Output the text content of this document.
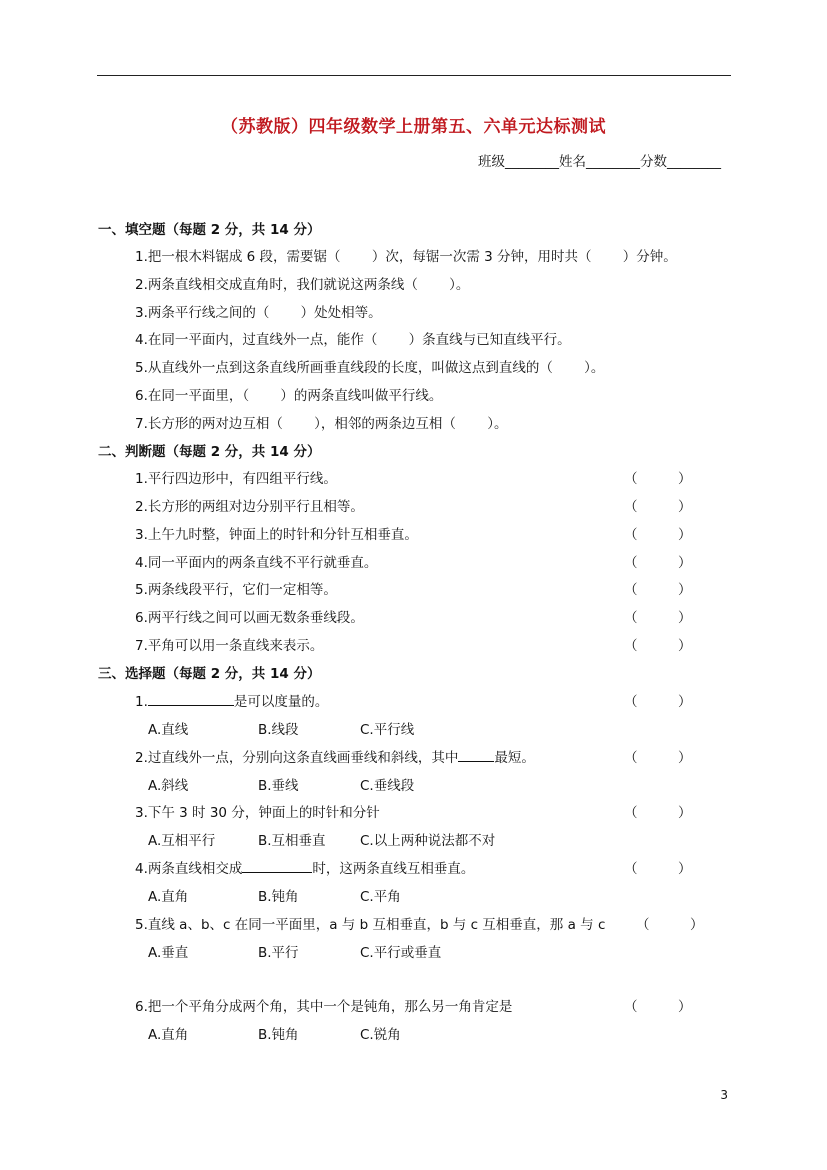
（苏教版）四年级数学上册第五、六单元达标测试
班级________姓名________分数________
一、填空题（每题 2 分，共 14 分）
1.把一根木料锯成 6 段，需要锯（　　 ）次，每锯一次需 3 分钟，用时共（　　 ）分钟。
2.两条直线相交成直角时，我们就说这两条线（　　 ）。
3.两条平行线之间的（　　 ）处处相等。
4.在同一平面内，过直线外一点，能作（　　 ）条直线与已知直线平行。
5.从直线外一点到这条直线所画垂直线段的长度，叫做这点到直线的（　　 ）。
6.在同一平面里，（　　 ）的两条直线叫做平行线。
7.长方形的两对边互相（　　 ），相邻的两条边互相（　　 ）。
二、判断题（每题 2 分，共 14 分）
1.平行四边形中，有四组平行线。	（　　　）
2.长方形的两组对边分别平行且相等。	（　　　）
3.上午九时整，钟面上的时针和分针互相垂直。	（　　　）
4.同一平面内的两条直线不平行就垂直。	（　　　）
5.两条线段平行，它们一定相等。	（　　　）
6.两平行线之间可以画无数条垂线段。	（　　　）
7.平角可以用一条直线来表示。	（　　　）
三、选择题（每题 2 分，共 14 分）
1.	是可以度量的。	（　　　）

A.直线

	B.线段

	C.平行线

2.过直线外一点，分别向这条直线画垂线和斜线，其中	最短。	（　　　）

A.斜线

	B.垂线

	C.垂线段

3.下午 3 时 30 分，钟面上的时针和分针	（　　　）

A.互相平行

	B.互相垂直

	C.以上两种说法都不对

4.两条直线相交成	时，这两条直线互相垂直。	（　　　）

A.直角

	B.钝角

	C.平角

5.直线 a、b、c 在同一平面里，a 与 b 互相垂直，b 与 c 互相垂直，那 a 与 c （　　　）

A.垂直

	B.平行

	C.平行或垂直

6.把一个平角分成两个角，其中一个是钝角，那么另一角肯定是	（　　　）

A.直角

	B.钝角

	C.锐角

3
